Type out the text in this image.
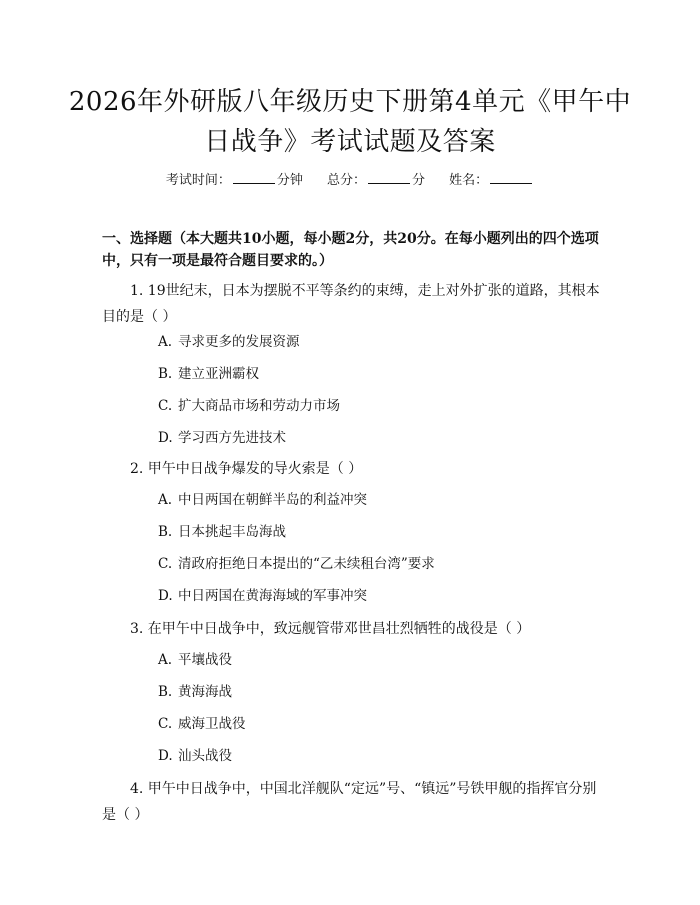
2026年外研版八年级历史下册第4单元《甲午中日战争》考试试题及答案
考试时间：	分钟 总分：	分 姓名：
一、选择题（本大题共10小题，每小题2分，共20分。在每小题列出的四个选项中，只有一项是最符合题目要求的。）
1. 19世纪末，日本为摆脱不平等条约的束缚，走上对外扩张的道路，其根本目的是（ ）
A. 寻求更多的发展资源
B. 建立亚洲霸权
C. 扩大商品市场和劳动力市场
D. 学习西方先进技术
2. 甲午中日战争爆发的导火索是（ ）
A. 中日两国在朝鲜半岛的利益冲突
B. 日本挑起丰岛海战
C. 清政府拒绝日本提出的“乙未续租台湾”要求
D. 中日两国在黄海海域的军事冲突
3. 在甲午中日战争中，致远舰管带邓世昌壮烈牺牲的战役是（ ）
A. 平壤战役
B. 黄海海战
C. 威海卫战役
D. 汕头战役
4. 甲午中日战争中，中国北洋舰队“定远”号、“镇远”号铁甲舰的指挥官分别是（ ）
